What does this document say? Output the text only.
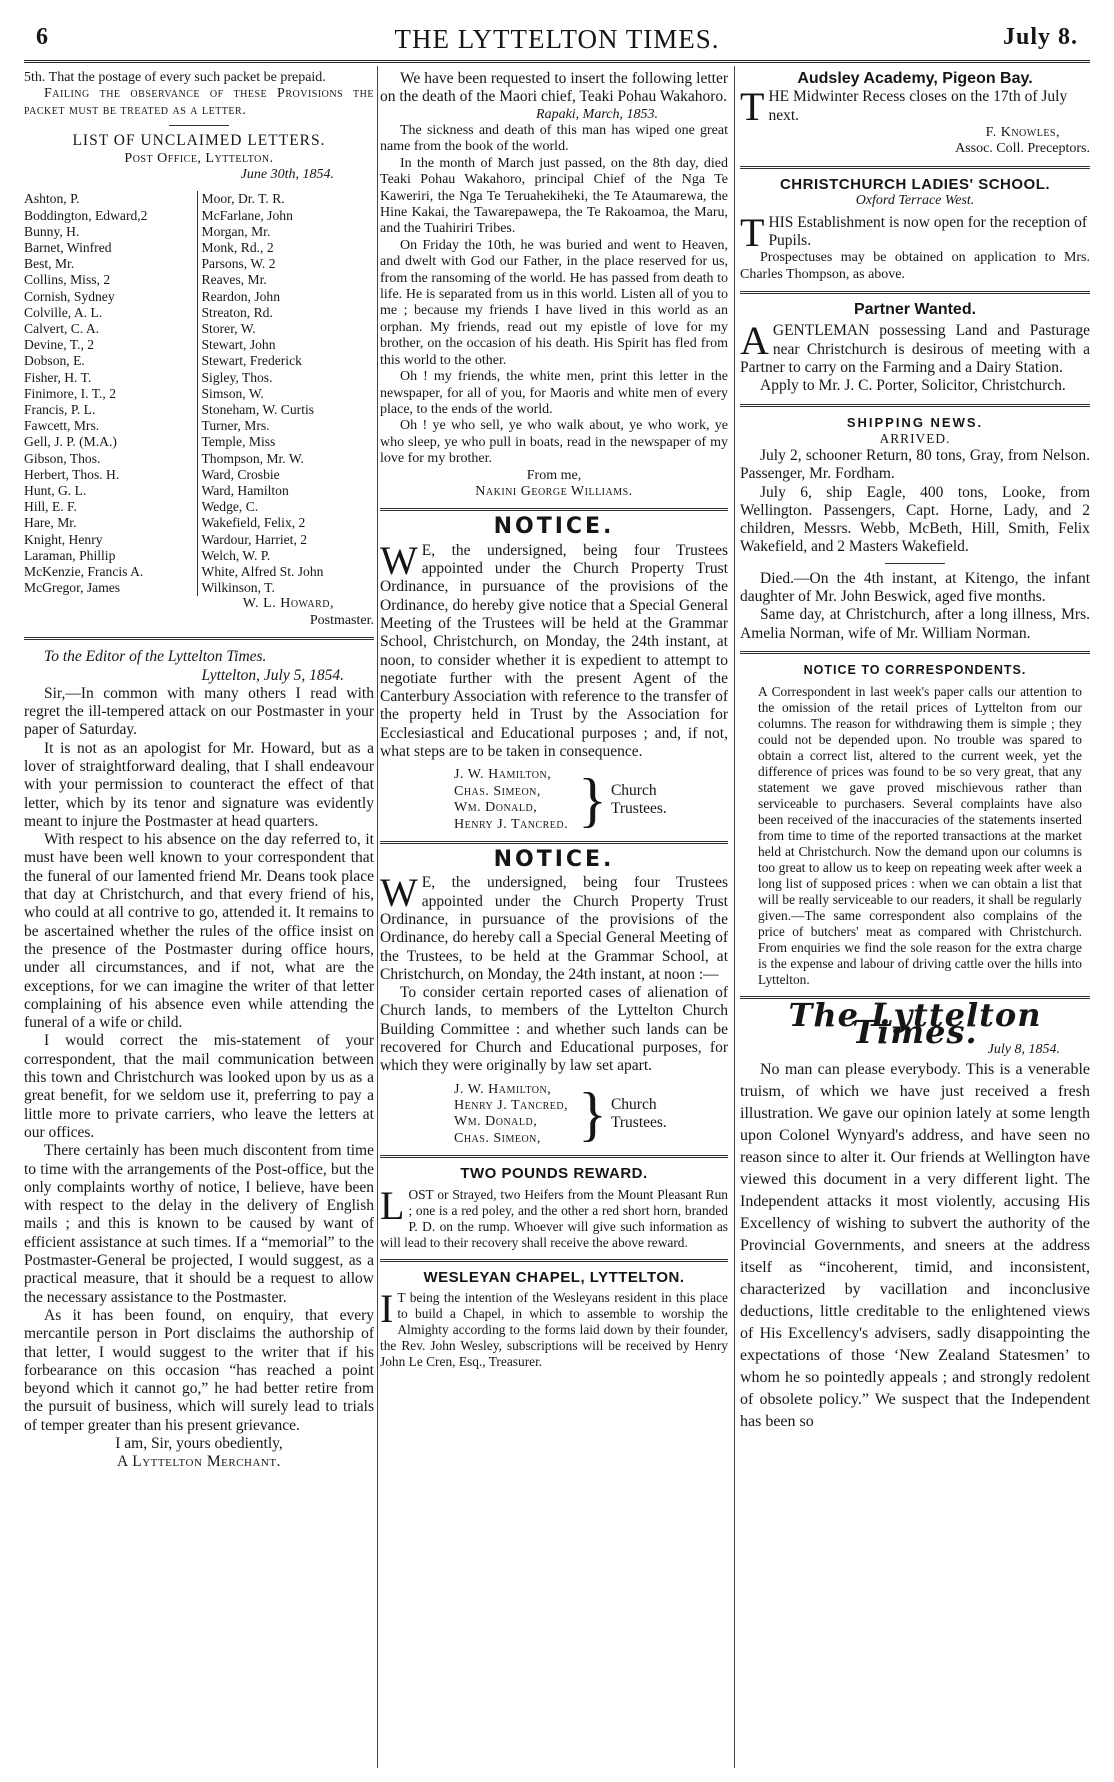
6	THE LYTTELTON TIMES.	July 8.

5th. That the postage of every such packet be prepaid.

Failing the observance of these Provisions the packet must be treated as a letter.

LIST OF UNCLAIMED LETTERS.
Post Office, Lyttelton.
June 30th, 1854.
Ashton, P.
Boddington, Edward,2
Bunny, H.
Barnet, Winfred
Best, Mr.
Collins, Miss, 2
Cornish, Sydney
Colville, A. L.
Calvert, C. A.
Devine, T., 2
Dobson, E.
Fisher, H. T.
Finimore, I. T., 2
Francis, P. L.
Fawcett, Mrs.
Gell, J. P. (M.A.)
Gibson, Thos.
Herbert, Thos. H.
Hunt, G. L.
Hill, E. F.
Hare, Mr.
Knight, Henry
Laraman, Phillip
McKenzie, Francis A.
McGregor, James
Moor, Dr. T. R.
McFarlane, John
Morgan, Mr.
Monk, Rd., 2
Parsons, W. 2
Reaves, Mr.
Reardon, John
Streaton, Rd.
Storer, W.
Stewart, John
Stewart, Frederick
Sigley, Thos.
Simson, W.
Stoneham, W. Curtis
Turner, Mrs.
Temple, Miss
Thompson, Mr. W.
Ward, Crosbie
Ward, Hamilton
Wedge, C.
Wakefield, Felix, 2
Wardour, Harriet, 2
Welch, W. P.
White, Alfred St. John
Wilkinson, T.
W. L. Howard,
Postmaster.

To the Editor of the Lyttelton Times.

Lyttelton, July 5, 1854.

Sir,—In common with many others I read with regret the ill-tempered attack on our Postmaster in your paper of Saturday.
It is not as an apologist for Mr. Howard, but as a lover of straightforward dealing, that I shall endeavour with your permission to counteract the effect of that letter, which by its tenor and signature was evidently meant to injure the Postmaster at head quarters.
With respect to his absence on the day referred to, it must have been well known to your correspondent that the funeral of our lamented friend Mr. Deans took place that day at Christchurch, and that every friend of his, who could at all contrive to go, attended it. It remains to be ascertained whether the rules of the office insist on the presence of the Postmaster during office hours, under all circumstances, and if not, what are the exceptions, for we can imagine the writer of that letter complaining of his absence even while attending the funeral of a wife or child.
I would correct the mis-statement of your correspondent, that the mail communication between this town and Christchurch was looked upon by us as a great benefit, for we seldom use it, preferring to pay a little more to private carriers, who leave the letters at our offices.
There certainly has been much discontent from time to time with the arrangements of the Post-office, but the only complaints worthy of notice, I believe, have been with respect to the delay in the delivery of English mails ; and this is known to be caused by want of efficient assistance at such times. If a “memorial” to the Postmaster-General be projected, I would suggest, as a practical measure, that it should be a request to allow the necessary assistance to the Postmaster.
As it has been found, on enquiry, that every mercantile person in Port disclaims the authorship of that letter, I would suggest to the writer that if his forbearance on this occasion “has reached a point beyond which it cannot go,” he had better retire from the pursuit of business, which will surely lead to trials of temper greater than his present grievance.

I am, Sir, yours obediently,

A Lyttelton Merchant.

We have been requested to insert the following letter on the death of the Maori chief, Teaki Pohau Wakahoro.

Rapaki, March, 1853.

The sickness and death of this man has wiped one great name from the book of the world.
In the month of March just passed, on the 8th day, died Teaki Pohau Wakahoro, principal Chief of the Nga Te Kaweriri, the Nga Te Teruahekiheki, the Te Ataumarewa, the Hine Kakai, the Tawarepawepa, the Te Rakoamoa, the Maru, and the Tuahiriri Tribes.
On Friday the 10th, he was buried and went to Heaven, and dwelt with God our Father, in the place reserved for us, from the ransoming of the world. He has passed from death to life. He is separated from us in this world. Listen all of you to me ; because my friends I have lived in this world as an orphan. My friends, read out my epistle of love for my brother, on the occasion of his death. His Spirit has fled from this world to the other.
Oh ! my friends, the white men, print this letter in the newspaper, for all of you, for Maoris and white men of every place, to the ends of the world.
Oh ! ye who sell, ye who walk about, ye who work, ye who sleep, ye who pull in boats, read in the newspaper of my love for my brother.

From me,

Nakini George Williams.

NOTICE.
W E, the undersigned, being four Trustees appointed under the Church Property Trust Ordinance, in pursuance of the provisions of the Ordinance, do hereby give notice that a Special General Meeting of the Trustees will be held at the Grammar School, Christchurch, on Monday, the 24th instant, at noon, to consider whether it is expedient to attempt to negotiate further with the present Agent of the Canterbury Association with reference to the transfer of the property held in Trust by the Association for Ecclesiastical and Educational purposes ; and, if not, what steps are to be taken in consequence.
J. W. Hamilton,
Chas. Simeon,
Wm. Donald,
Henry J. Tancred. } Church
Trustees.
NOTICE.
W E, the undersigned, being four Trustees appointed under the Church Property Trust Ordinance, in pursuance of the provisions of the Ordinance, do hereby call a Special General Meeting of the Trustees, to be held at the Grammar School, at Christchurch, on Monday, the 24th instant, at noon :—

To consider certain reported cases of alienation of Church lands, to members of the Lyttelton Church Building Committee : and whether such lands can be recovered for Church and Educational purposes, for which they were originally by law set apart.

J. W. Hamilton,
Henry J. Tancred,
Wm. Donald,
Chas. Simeon, } Church
Trustees.
TWO POUNDS REWARD.
LOST or Strayed, two Heifers from the Mount Pleasant Run ; one is a red poley, and the other a red short horn, branded P. D. on the rump. Whoever will give such information as will lead to their recovery shall receive the above reward.
WESLEYAN CHAPEL, LYTTELTON.
I T being the intention of the Wesleyans resident in this place to build a Chapel, in which to assemble to worship the Almighty according to the forms laid down by their founder, the Rev. John Wesley, subscriptions will be received by Henry John Le Cren, Esq., Treasurer.
Audsley Academy, Pigeon Bay.
THE Midwinter Recess closes on the 17th of July next.
F. Knowles,
Assoc. Coll. Preceptors.
CHRISTCHURCH LADIES' SCHOOL.
Oxford Terrace West.
THIS Establishment is now open for the reception of Pupils.

Prospectuses may be obtained on application to Mrs. Charles Thompson, as above.

Partner Wanted.
AGENTLEMAN possessing Land and Pasturage near Christchurch is desirous of meeting with a Partner to carry on the Farming and a Dairy Station.

Apply to Mr. J. C. Porter, Solicitor, Christchurch.

SHIPPING NEWS.
ARRIVED.
July 2, schooner Return, 80 tons, Gray, from Nelson. Passenger, Mr. Fordham.
July 6, ship Eagle, 400 tons, Looke, from Wellington. Passengers, Capt. Horne, Lady, and 2 children, Messrs. Webb, McBeth, Hill, Smith, Felix Wakefield, and 2 Masters Wakefield.
Died.—On the 4th instant, at Kitengo, the infant daughter of Mr. John Beswick, aged five months.
Same day, at Christchurch, after a long illness, Mrs. Amelia Norman, wife of Mr. William Norman.
NOTICE TO CORRESPONDENTS.

A Correspondent in last week's paper calls our attention to the omission of the retail prices of Lyttelton from our columns. The reason for withdrawing them is simple ; they could not be depended upon. No trouble was spared to obtain a correct list, altered to the current week, yet the difference of prices was found to be so very great, that any statement we gave proved mischievous rather than serviceable to purchasers. Several complaints have also been received of the inaccuracies of the statements inserted from time to time of the reported transactions at the market held at Christchurch. Now the demand upon our columns is too great to allow us to keep on repeating week after week a long list of supposed prices : when we can obtain a list that will be really serviceable to our readers, it shall be regularly given.—The same correspondent also complains of the price of butchers' meat as compared with Christchurch. From enquiries we find the sole reason for the extra charge is the expense and labour of driving cattle over the hills into Lyttelton.

The Lyttelton Times. July 8, 1854.

No man can please everybody. This is a venerable truism, of which we have just received a fresh illustration. We gave our opinion lately at some length upon Colonel Wynyard's address, and have seen no reason since to alter it. Our friends at Wellington have viewed this document in a very different light. The Independent attacks it most violently, accusing His Excellency of wishing to subvert the authority of the Provincial Governments, and sneers at the address itself as “incoherent, timid, and inconsistent, characterized by vacillation and inconclusive deductions, little creditable to the enlightened views of His Excellency's advisers, sadly disappointing the expectations of those ‘New Zealand Statesmen’ to whom he so pointedly appeals ; and strongly redolent of obsolete policy.” We suspect that the Independent has been so
